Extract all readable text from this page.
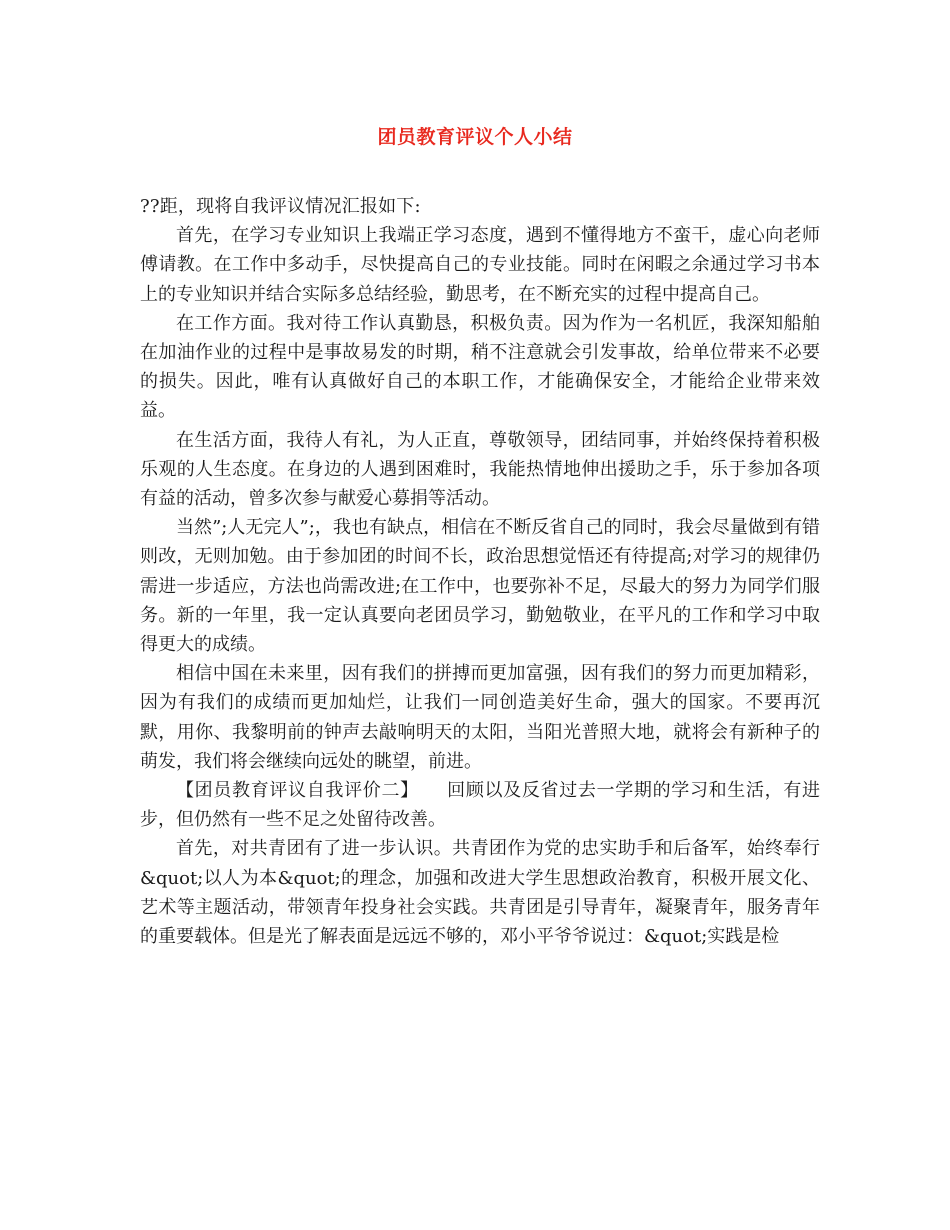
团员教育评议个人小结

??距，现将自我评议情况汇报如下:

首先，在学习专业知识上我端正学习态度，遇到不懂得地方不蛮干，虚心向老师傅请教。在工作中多动手，尽快提高自己的专业技能。同时在闲暇之余通过学习书本上的专业知识并结合实际多总结经验，勤思考，在不断充实的过程中提高自己。

在工作方面。我对待工作认真勤恳，积极负责。因为作为一名机匠，我深知船舶在加油作业的过程中是事故易发的时期，稍不注意就会引发事故，给单位带来不必要的损失。因此，唯有认真做好自己的本职工作，才能确保安全，才能给企业带来效益。

在生活方面，我待人有礼，为人正直，尊敬领导，团结同事，并始终保持着积极乐观的人生态度。在身边的人遇到困难时，我能热情地伸出援助之手，乐于参加各项有益的活动，曾多次参与献爱心募捐等活动。

当然”;人无完人”;，我也有缺点，相信在不断反省自己的同时，我会尽量做到有错则改，无则加勉。由于参加团的时间不长，政治思想觉悟还有待提高;对学习的规律仍需进一步适应，方法也尚需改进;在工作中，也要弥补不足，尽最大的努力为同学们服务。新的一年里，我一定认真要向老团员学习，勤勉敬业，在平凡的工作和学习中取得更大的成绩。

相信中国在未来里，因有我们的拼搏而更加富强，因有我们的努力而更加精彩，因为有我们的成绩而更加灿烂，让我们一同创造美好生命，强大的国家。不要再沉默，用你、我黎明前的钟声去敲响明天的太阳，当阳光普照大地，就将会有新种子的萌发，我们将会继续向远处的眺望，前进。

【团员教育评议自我评价二】　　回顾以及反省过去一学期的学习和生活，有进步，但仍然有一些不足之处留待改善。

首先，对共青团有了进一步认识。共青团作为党的忠实助手和后备军，始终奉行&quot;以人为本&quot;的理念，加强和改进大学生思想政治教育，积极开展文化、艺术等主题活动，带领青年投身社会实践。共青团是引导青年，凝聚青年，服务青年的重要载体。但是光了解表面是远远不够的，邓小平爷爷说过：&quot;实践是检
